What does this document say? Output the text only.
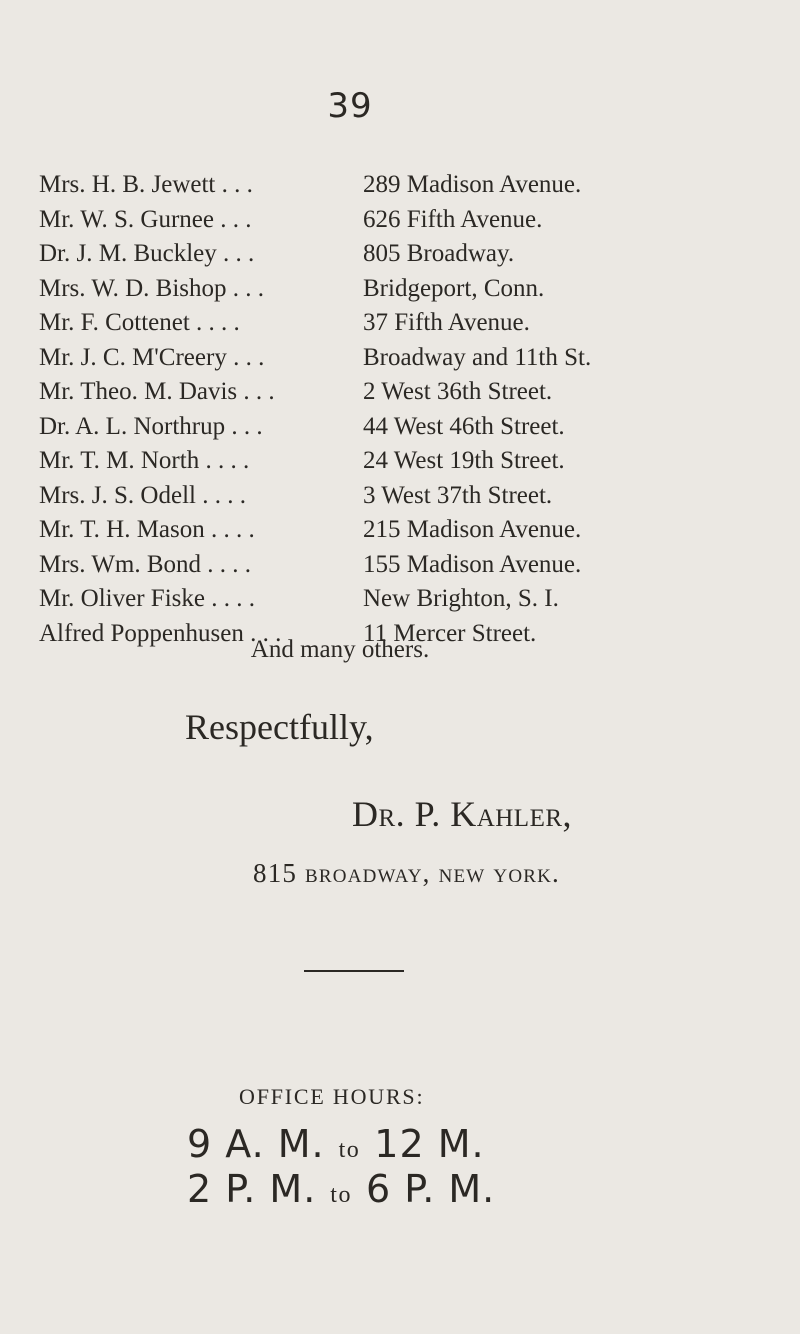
39
Mrs. H. B. Jewett . . .	289 Madison Avenue.
Mr. W. S. Gurnee . . .	626 Fifth Avenue.
Dr. J. M. Buckley . . .	805 Broadway.
Mrs. W. D. Bishop . . .	Bridgeport, Conn.
Mr. F. Cottenet . . . .	37 Fifth Avenue.
Mr. J. C. M'Creery . . .	Broadway and 11th St.
Mr. Theo. M. Davis . . .	2 West 36th Street.
Dr. A. L. Northrup . . .	44 West 46th Street.
Mr. T. M. North . . . .	24 West 19th Street.
Mrs. J. S. Odell . . . .	3 West 37th Street.
Mr. T. H. Mason . . . .	215 Madison Avenue.
Mrs. Wm. Bond . . . .	155 Madison Avenue.
Mr. Oliver Fiske . . . .	New Brighton, S. I.
Alfred Poppenhusen . . .	11 Mercer Street.
And many others.
Respectfully,
Dr. P. Kahler,
815 broadway, new york.
OFFICE HOURS:
9 A. M. to 12 M.
2 P. M. to 6 P. M.
